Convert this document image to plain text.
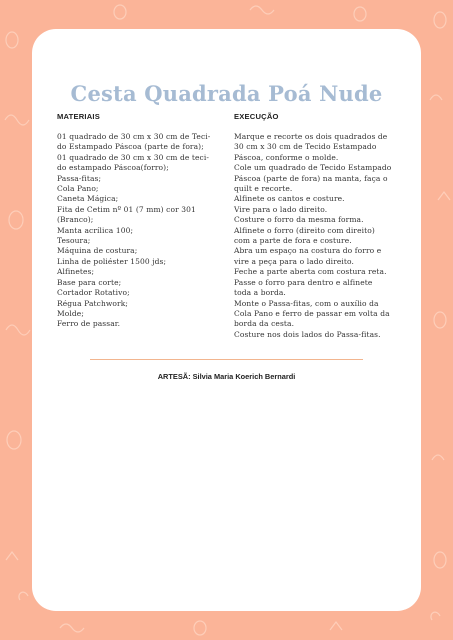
Cesta Quadrada Poá Nude

MATERIAIS

01 quadrado de 30 cm x 30 cm de Teci-
do Estampado Páscoa (parte de fora);
01 quadrado de 30 cm x 30 cm de teci-
do estampado Páscoa(forro);
Passa-fitas;
Cola Pano;
Caneta Mágica;
Fita de Cetim nº 01 (7 mm) cor 301
(Branco);
Manta acrílica 100;
Tesoura;
Máquina de costura;
Linha de poliéster 1500 jds;
Alfinetes;
Base para corte;
Cortador Rotativo;
Régua Patchwork;
Molde;
Ferro de passar.

EXECUÇÃO

Marque e recorte os dois quadrados de
30 cm x 30 cm de Tecido Estampado
Páscoa, conforme o molde.
Cole um quadrado de Tecido Estampado
Páscoa (parte de fora) na manta, faça o
quilt e recorte.
Alfinete os cantos e costure.
Vire para o lado direito.
Costure o forro da mesma forma.
Alfinete o forro (direito com direito)
com a parte de fora e costure.
Abra um espaço na costura do forro e
vire a peça para o lado direito.
Feche a parte aberta com costura reta.
Passe o forro para dentro e alfinete
toda a borda.
Monte o Passa-fitas, com o auxílio da
Cola Pano e ferro de passar em volta da
borda da cesta.
Costure nos dois lados do Passa-fitas.

ARTESÃ: Silvia Maria Koerich Bernardi
